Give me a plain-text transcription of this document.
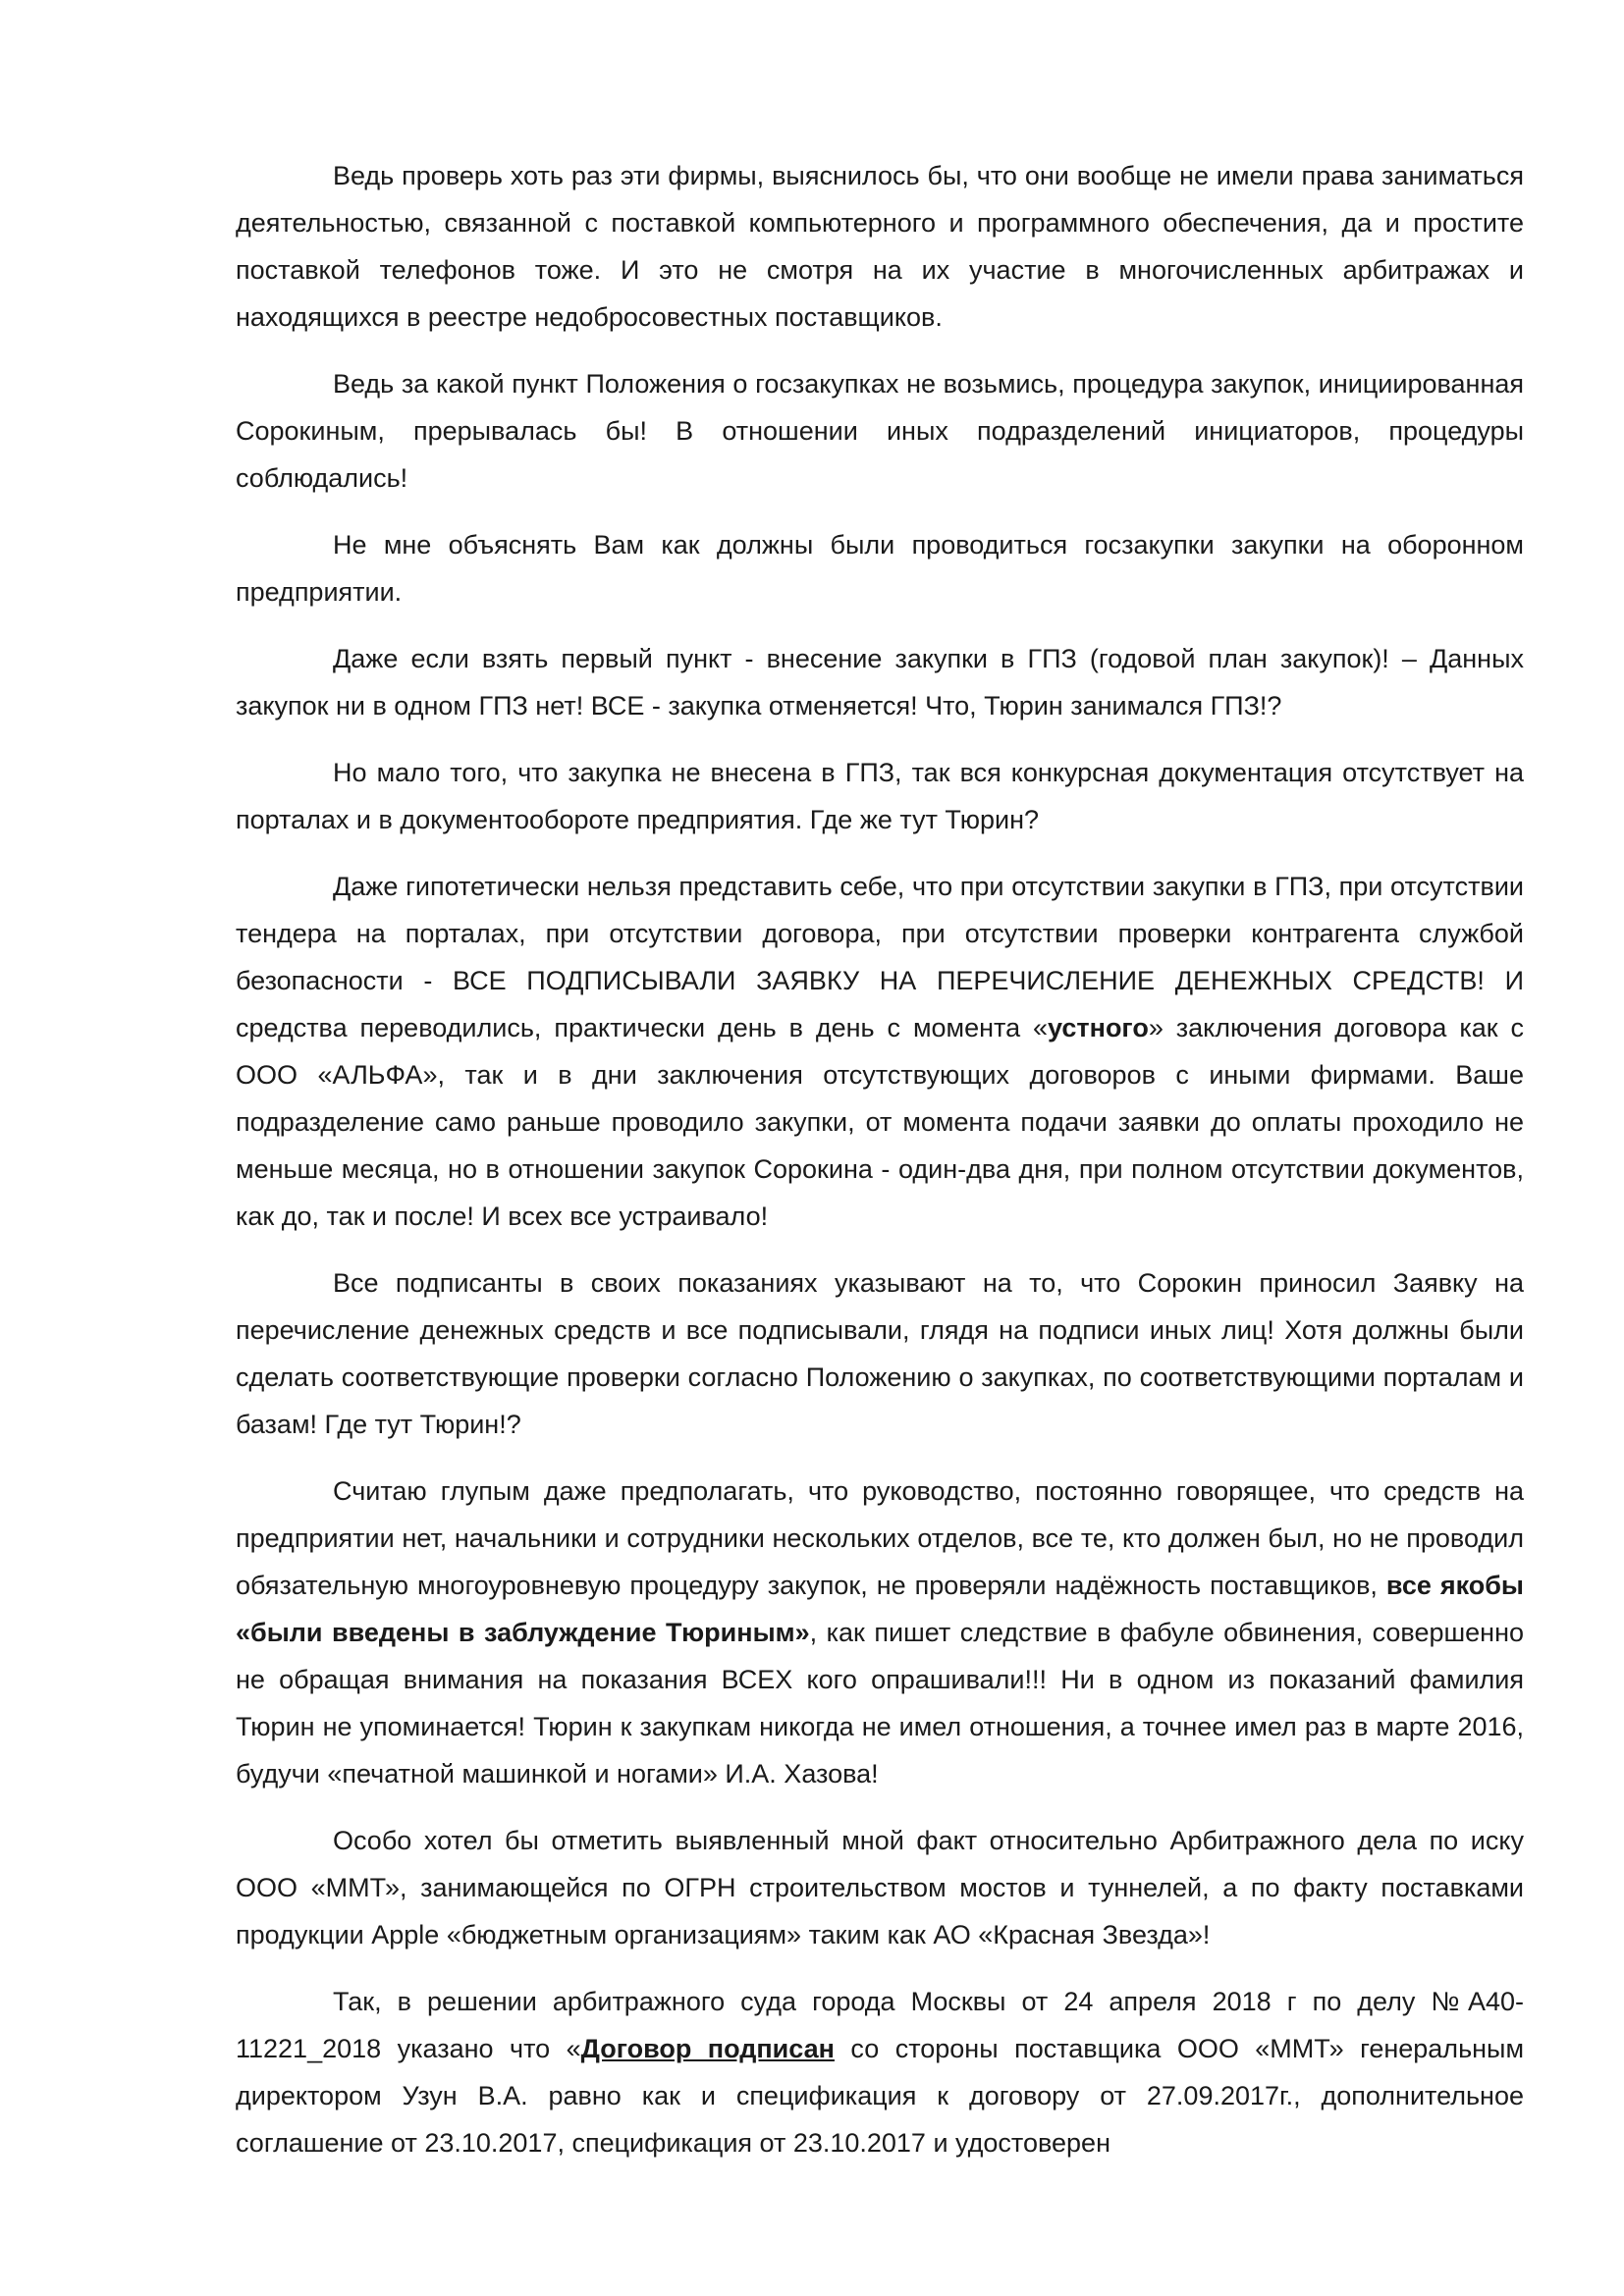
Ведь проверь хоть раз эти фирмы, выяснилось бы, что они вообще не имели права заниматься деятельностью, связанной с поставкой компьютерного и программного обеспечения, да и простите поставкой телефонов тоже. И это не смотря на их участие в многочисленных арбитражах и находящихся в реестре недобросовестных поставщиков.

Ведь за какой пункт Положения о госзакупках не возьмись, процедура закупок, инициированная Сорокиным, прерывалась бы! В отношении иных подразделений инициаторов, процедуры соблюдались!

Не мне объяснять Вам как должны были проводиться госзакупки закупки на оборонном предприятии.

Даже если взять первый пункт - внесение закупки в ГПЗ (годовой план закупок)! – Данных закупок ни в одном ГПЗ нет! ВСЕ - закупка отменяется! Что, Тюрин занимался ГПЗ!?

Но мало того, что закупка не внесена в ГПЗ, так вся конкурсная документация отсутствует на порталах и в документообороте предприятия. Где же тут Тюрин?

Даже гипотетически нельзя представить себе, что при отсутствии закупки в ГПЗ, при отсутствии тендера на порталах, при отсутствии договора, при отсутствии проверки контрагента службой безопасности - ВСЕ ПОДПИСЫВАЛИ ЗАЯВКУ НА ПЕРЕЧИСЛЕНИЕ ДЕНЕЖНЫХ СРЕДСТВ! И средства переводились, практически день в день с момента «устного» заключения договора как с ООО «АЛЬФА», так и в дни заключения отсутствующих договоров с иными фирмами. Ваше подразделение само раньше проводило закупки, от момента подачи заявки до оплаты проходило не меньше месяца, но в отношении закупок Сорокина - один-два дня, при полном отсутствии документов, как до, так и после! И всех все устраивало!

Все подписанты в своих показаниях указывают на то, что Сорокин приносил Заявку на перечисление денежных средств и все подписывали, глядя на подписи иных лиц! Хотя должны были сделать соответствующие проверки согласно Положению о закупках, по соответствующими порталам и базам! Где тут Тюрин!?

Считаю глупым даже предполагать, что руководство, постоянно говорящее, что средств на предприятии нет, начальники и сотрудники нескольких отделов, все те, кто должен был, но не проводил обязательную многоуровневую процедуру закупок, не проверяли надёжность поставщиков, все якобы «были введены в заблуждение Тюриным», как пишет следствие в фабуле обвинения, совершенно не обращая внимания на показания ВСЕХ кого опрашивали!!! Ни в одном из показаний фамилия Тюрин не упоминается! Тюрин к закупкам никогда не имел отношения, а точнее имел раз в марте 2016, будучи «печатной машинкой и ногами» И.А. Хазова!

Особо хотел бы отметить выявленный мной факт относительно Арбитражного дела по иску ООО «ММТ», занимающейся по ОГРН строительством мостов и туннелей, а по факту поставками продукции Apple «бюджетным организациям» таким как АО «Красная Звезда»!

Так, в решении арбитражного суда города Москвы от 24 апреля 2018 г по делу №А40-11221_2018 указано что «Договор подписан со стороны поставщика ООО «ММТ» генеральным директором Узун В.А. равно как и спецификация к договору от 27.09.2017г., дополнительное соглашение от 23.10.2017, спецификация от 23.10.2017 и удостоверен
